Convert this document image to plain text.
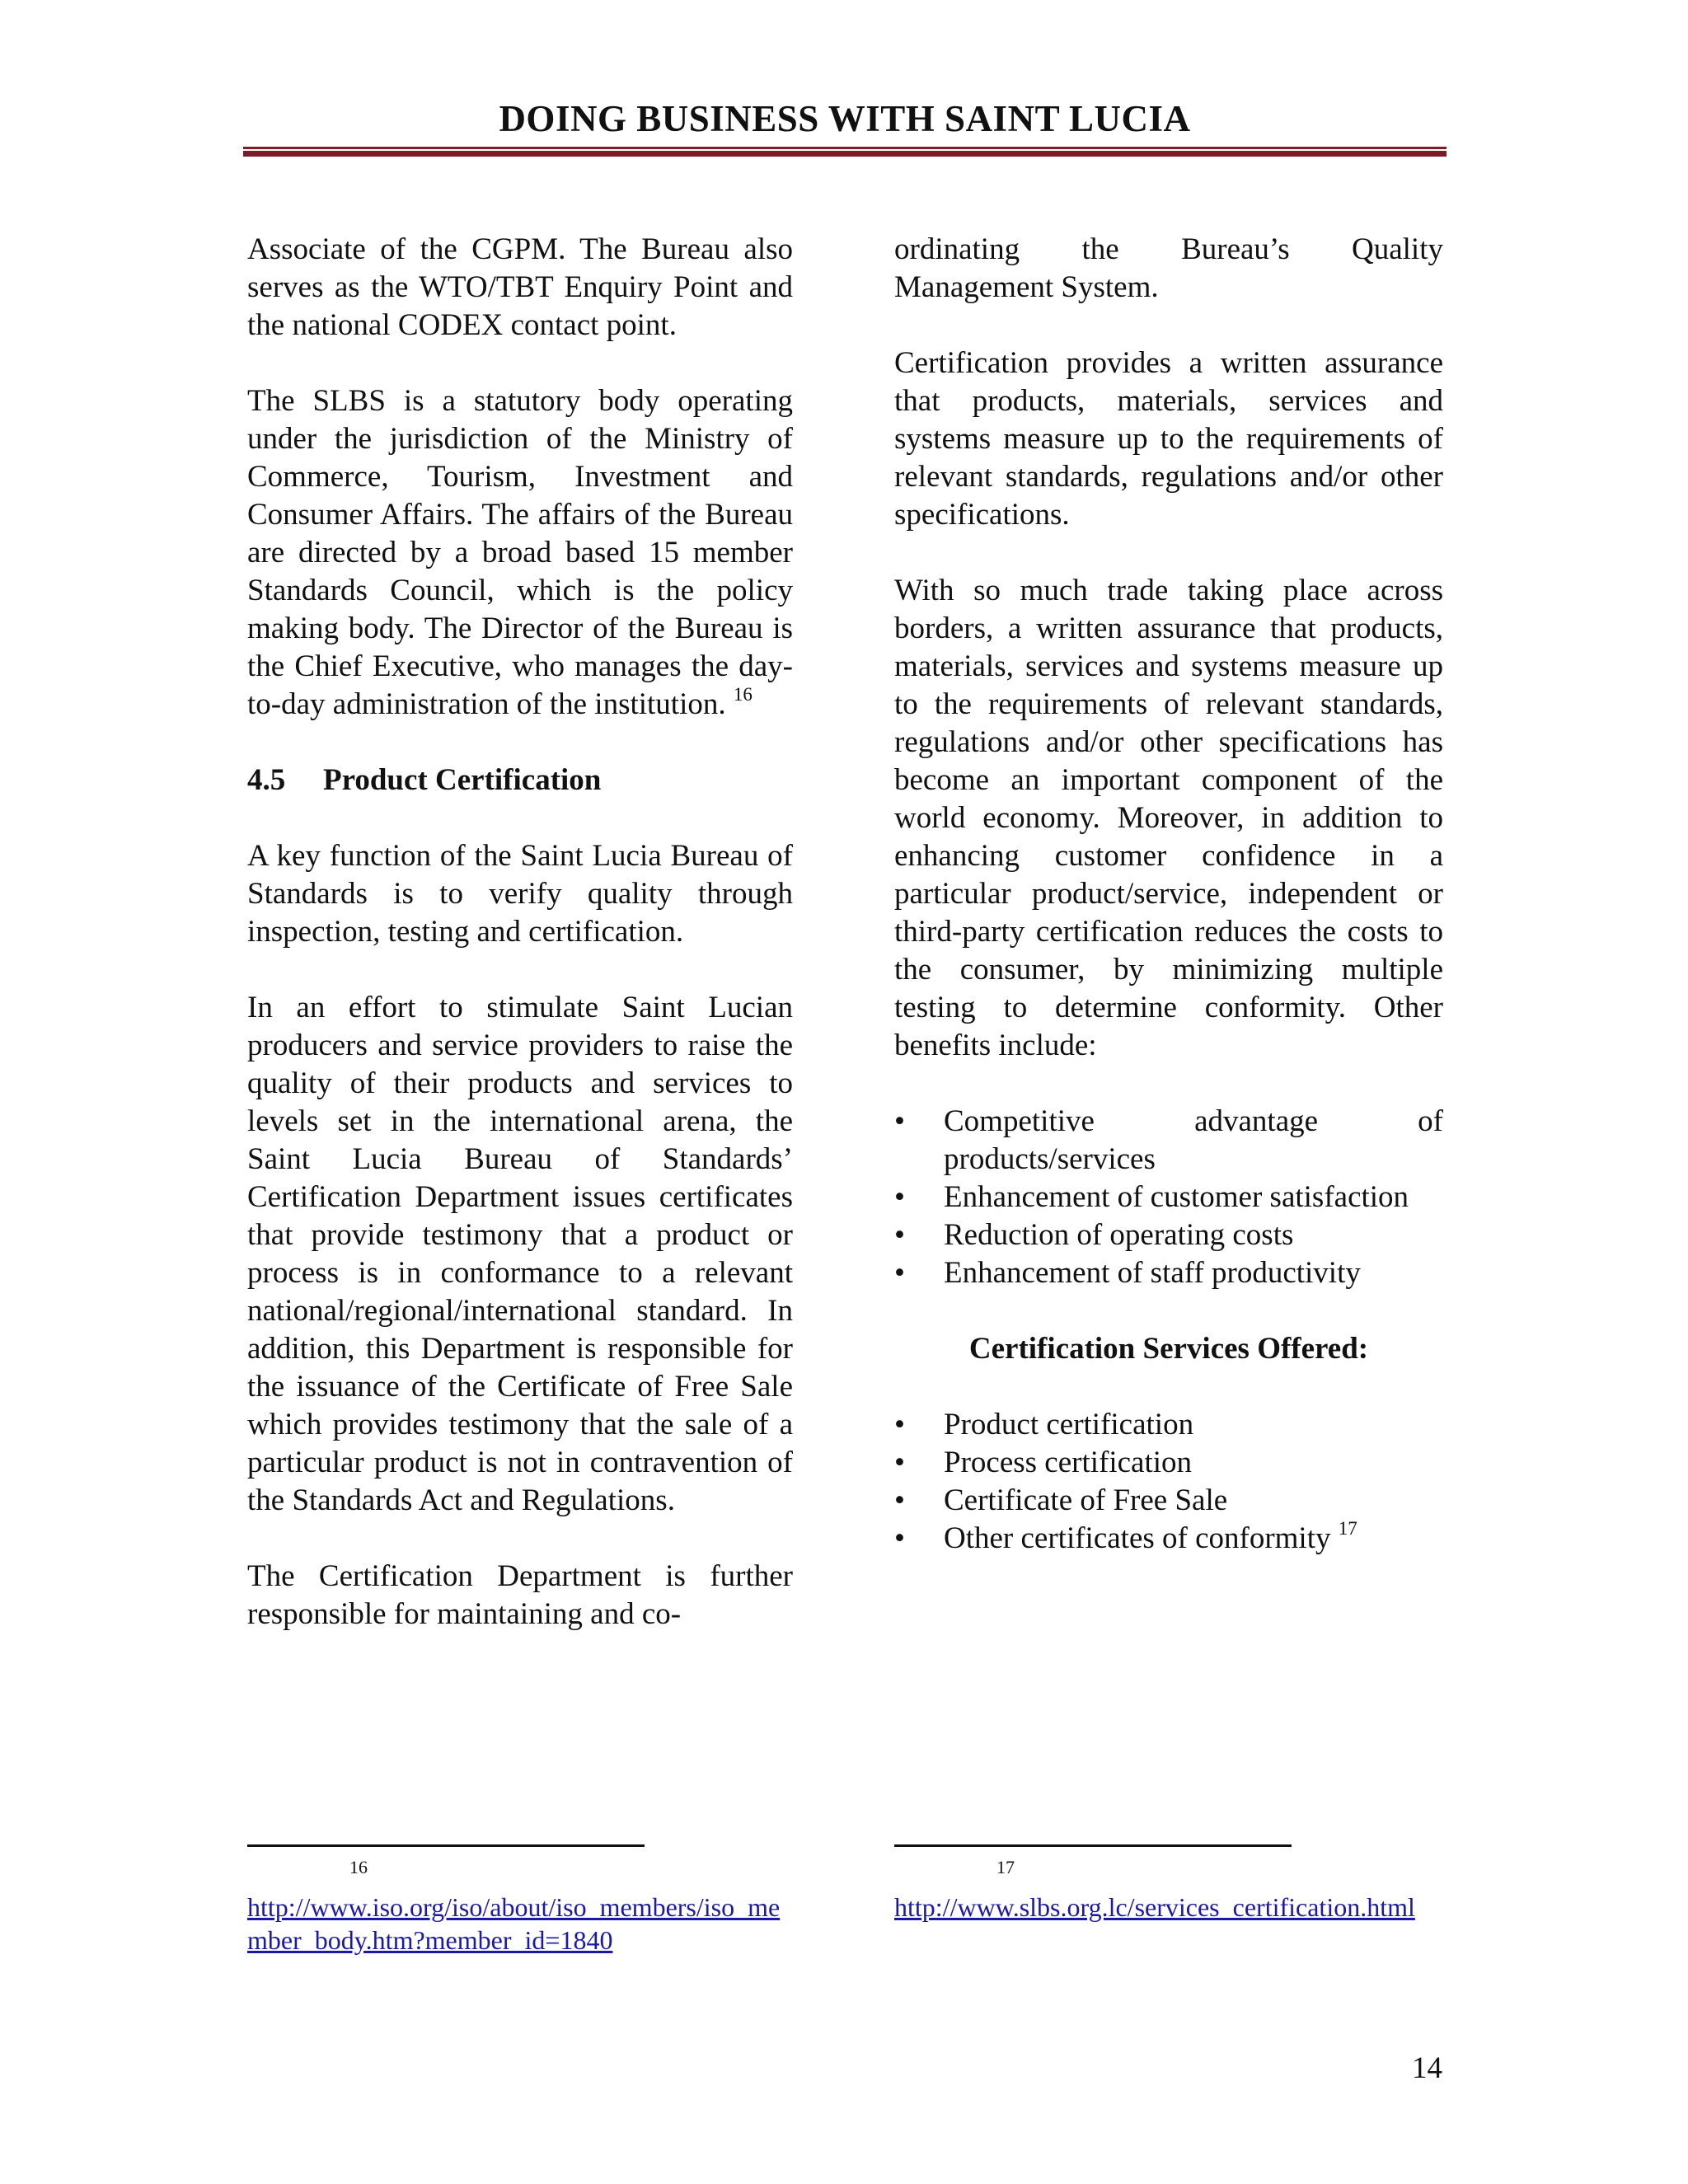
DOING BUSINESS WITH SAINT LUCIA

Associate of the CGPM. The Bureau also serves as the WTO/TBT Enquiry Point and the national CODEX contact point.

The SLBS is a statutory body operating under the jurisdiction of the Ministry of Commerce, Tourism, Investment and Consumer Affairs. The affairs of the Bureau are directed by a broad based 15 member Standards Council, which is the policy making body. The Director of the Bureau is the Chief Executive, who manages the day-to-day administration of the institution. $^{16}$

4.5 Product Certification

A key function of the Saint Lucia Bureau of Standards is to verify quality through inspection, testing and certification.

In an effort to stimulate Saint Lucian producers and service providers to raise the quality of their products and services to levels set in the international arena, the Saint Lucia Bureau of Standards’ Certification Department issues certificates that provide testimony that a product or process is in conformance to a relevant national/regional/international standard. In addition, this Department is responsible for the issuance of the Certificate of Free Sale which provides testimony that the sale of a particular product is not in contravention of the Standards Act and Regulations.

The Certification Department is further responsible for maintaining and co-

ordinating the Bureau’s Quality Management System.

Certification provides a written assurance that products, materials, services and systems measure up to the requirements of relevant standards, regulations and/or other specifications.

With so much trade taking place across borders, a written assurance that products, materials, services and systems measure up to the requirements of relevant standards, regulations and/or other specifications has become an important component of the world economy. Moreover, in addition to enhancing customer confidence in a particular product/service, independent or third-party certification reduces the costs to the consumer, by minimizing multiple testing to determine conformity. Other benefits include:

• Competitive advantage of products/services
• Enhancement of customer satisfaction
• Reduction of operating costs
• Enhancement of staff productivity
Certification Services Offered:
• Product certification
• Process certification
• Certificate of Free Sale
• Other certificates of conformity $^{17}$
16
http://www.iso.org/iso/about/iso_members/iso_member_body.htm?member_id=1840
17
http://www.slbs.org.lc/services_certification.html
14
